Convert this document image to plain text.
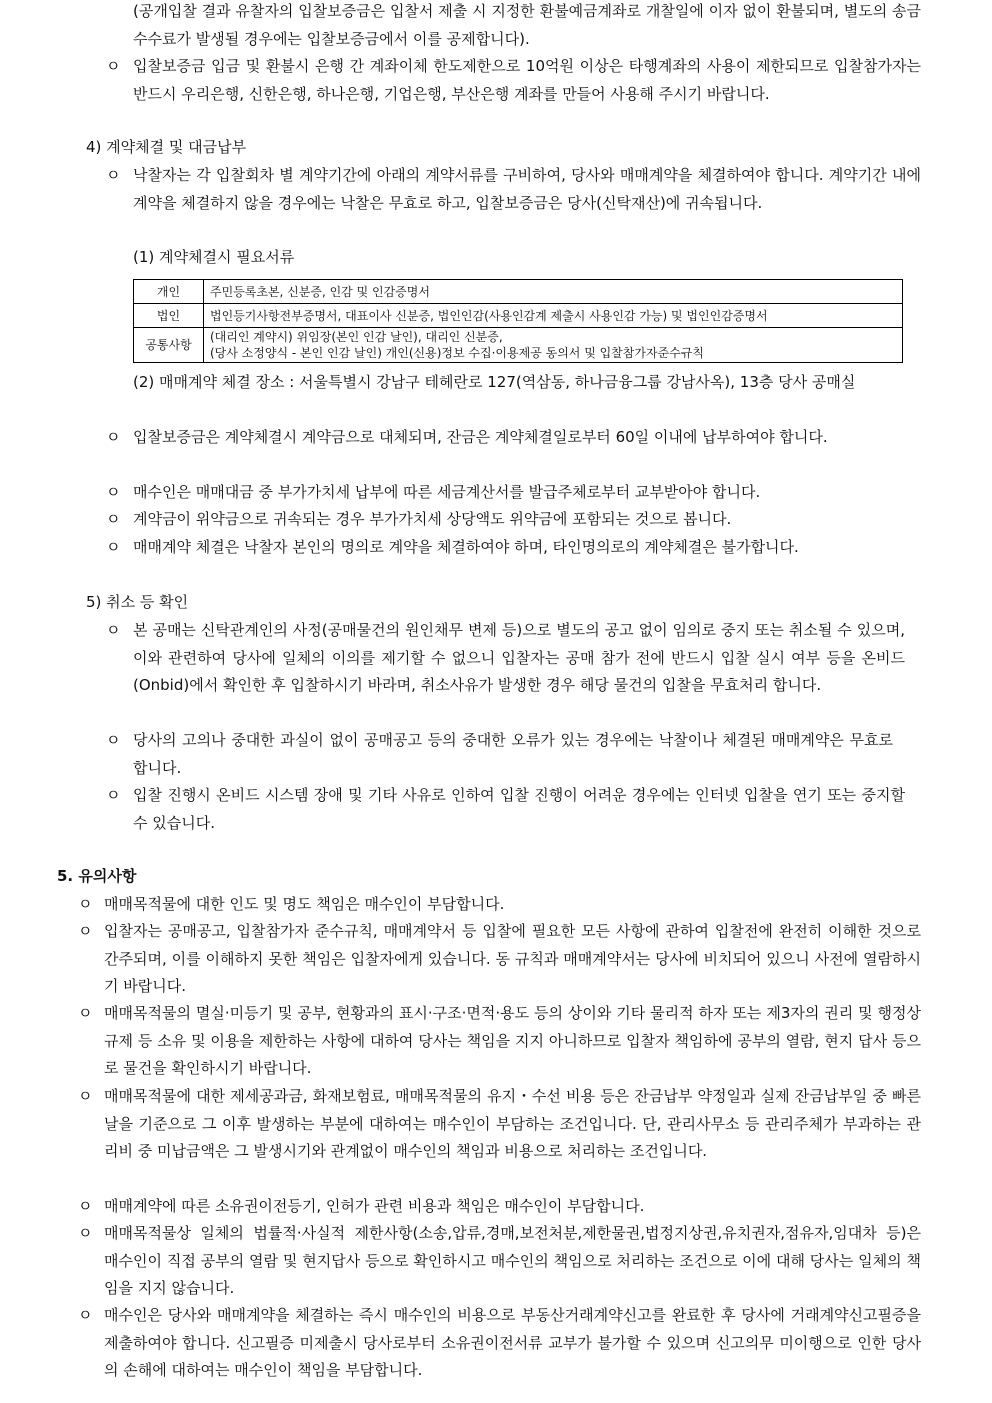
(공개입찰 결과 유찰자의 입찰보증금은 입찰서 제출 시 지정한 환불예금계좌로 개찰일에 이자 없이 환불되며, 별도의 송금수수료가 발생될 경우에는 입찰보증금에서 이를 공제합니다).

ㅇ 입찰보증금 입금 및 환불시 은행 간 계좌이체 한도제한으로 10억원 이상은 타행계좌의 사용이 제한되므로 입찰참가자는 반드시 우리은행, 신한은행, 하나은행, 기업은행, 부산은행 계좌를 만들어 사용해 주시기 바랍니다.

4) 계약체결 및 대금납부

ㅇ 낙찰자는 각 입찰회차 별 계약기간에 아래의 계약서류를 구비하여, 당사와 매매계약을 체결하여야 합니다. 계약기간 내에 계약을 체결하지 않을 경우에는 낙찰은 무효로 하고, 입찰보증금은 당사(신탁재산)에 귀속됩니다.

(1) 계약체결시 필요서류

개인	주민등록초본, 신분증, 인감 및 인감증명서
법인	법인등기사항전부증명서, 대표이사 신분증, 법인인감(사용인감계 제출시 사용인감 가능) 및 법인인감증명서
공통사항	(대리인 계약시) 위임장(본인 인감 날인), 대리인 신분증,
(당사 소정양식 - 본인 인감 날인) 개인(신용)정보 수집·이용제공 동의서 및 입찰참가자준수규칙

(2) 매매계약 체결 장소 : 서울특별시 강남구 테헤란로 127(역삼동, 하나금융그룹 강남사옥), 13층 당사 공매실

ㅇ 입찰보증금은 계약체결시 계약금으로 대체되며, 잔금은 계약체결일로부터 60일 이내에 납부하여야 합니다.

ㅇ 매수인은 매매대금 중 부가가치세 납부에 따른 세금계산서를 발급주체로부터 교부받아야 합니다.

ㅇ 계약금이 위약금으로 귀속되는 경우 부가가치세 상당액도 위약금에 포함되는 것으로 봅니다.

ㅇ 매매계약 체결은 낙찰자 본인의 명의로 계약을 체결하여야 하며, 타인명의로의 계약체결은 불가합니다.

5) 취소 등 확인

ㅇ 본 공매는 신탁관계인의 사정(공매물건의 원인채무 변제 등)으로 별도의 공고 없이 임의로 중지 또는 취소될 수 있으며, 이와 관련하여 당사에 일체의 이의를 제기할 수 없으니 입찰자는 공매 참가 전에 반드시 입찰 실시 여부 등을 온비드(Onbid)에서 확인한 후 입찰하시기 바라며, 취소사유가 발생한 경우 해당 물건의 입찰을 무효처리 합니다.

ㅇ 당사의 고의나 중대한 과실이 없이 공매공고 등의 중대한 오류가 있는 경우에는 낙찰이나 체결된 매매계약은 무효로 합니다.

ㅇ 입찰 진행시 온비드 시스템 장애 및 기타 사유로 인하여 입찰 진행이 어려운 경우에는 인터넷 입찰을 연기 또는 중지할 수 있습니다.

5. 유의사항

ㅇ 매매목적물에 대한 인도 및 명도 책임은 매수인이 부담합니다.

ㅇ 입찰자는 공매공고, 입찰참가자 준수규칙, 매매계약서 등 입찰에 필요한 모든 사항에 관하여 입찰전에 완전히 이해한 것으로 간주되며, 이를 이해하지 못한 책임은 입찰자에게 있습니다. 동 규칙과 매매계약서는 당사에 비치되어 있으니 사전에 열람하시기 바랍니다.

ㅇ 매매목적물의 멸실·미등기 및 공부, 현황과의 표시·구조·면적·용도 등의 상이와 기타 물리적 하자 또는 제3자의 권리 및 행정상 규제 등 소유 및 이용을 제한하는 사항에 대하여 당사는 책임을 지지 아니하므로 입찰자 책임하에 공부의 열람, 현지 답사 등으로 물건을 확인하시기 바랍니다.

ㅇ 매매목적물에 대한 제세공과금, 화재보험료, 매매목적물의 유지・수선 비용 등은 잔금납부 약정일과 실제 잔금납부일 중 빠른 날을 기준으로 그 이후 발생하는 부분에 대하여는 매수인이 부담하는 조건입니다. 단, 관리사무소 등 관리주체가 부과하는 관리비 중 미납금액은 그 발생시기와 관계없이 매수인의 책임과 비용으로 처리하는 조건입니다.

ㅇ 매매계약에 따른 소유권이전등기, 인허가 관련 비용과 책임은 매수인이 부담합니다.

ㅇ 매매목적물상 일체의 법률적·사실적 제한사항(소송,압류,경매,보전처분,제한물권,법정지상권,유치권자,점유자,임대차 등)은 매수인이 직접 공부의 열람 및 현지답사 등으로 확인하시고 매수인의 책임으로 처리하는 조건으로 이에 대해 당사는 일체의 책임을 지지 않습니다.

ㅇ 매수인은 당사와 매매계약을 체결하는 즉시 매수인의 비용으로 부동산거래계약신고를 완료한 후 당사에 거래계약신고필증을 제출하여야 합니다. 신고필증 미제출시 당사로부터 소유권이전서류 교부가 불가할 수 있으며 신고의무 미이행으로 인한 당사의 손해에 대하여는 매수인이 책임을 부담합니다.
